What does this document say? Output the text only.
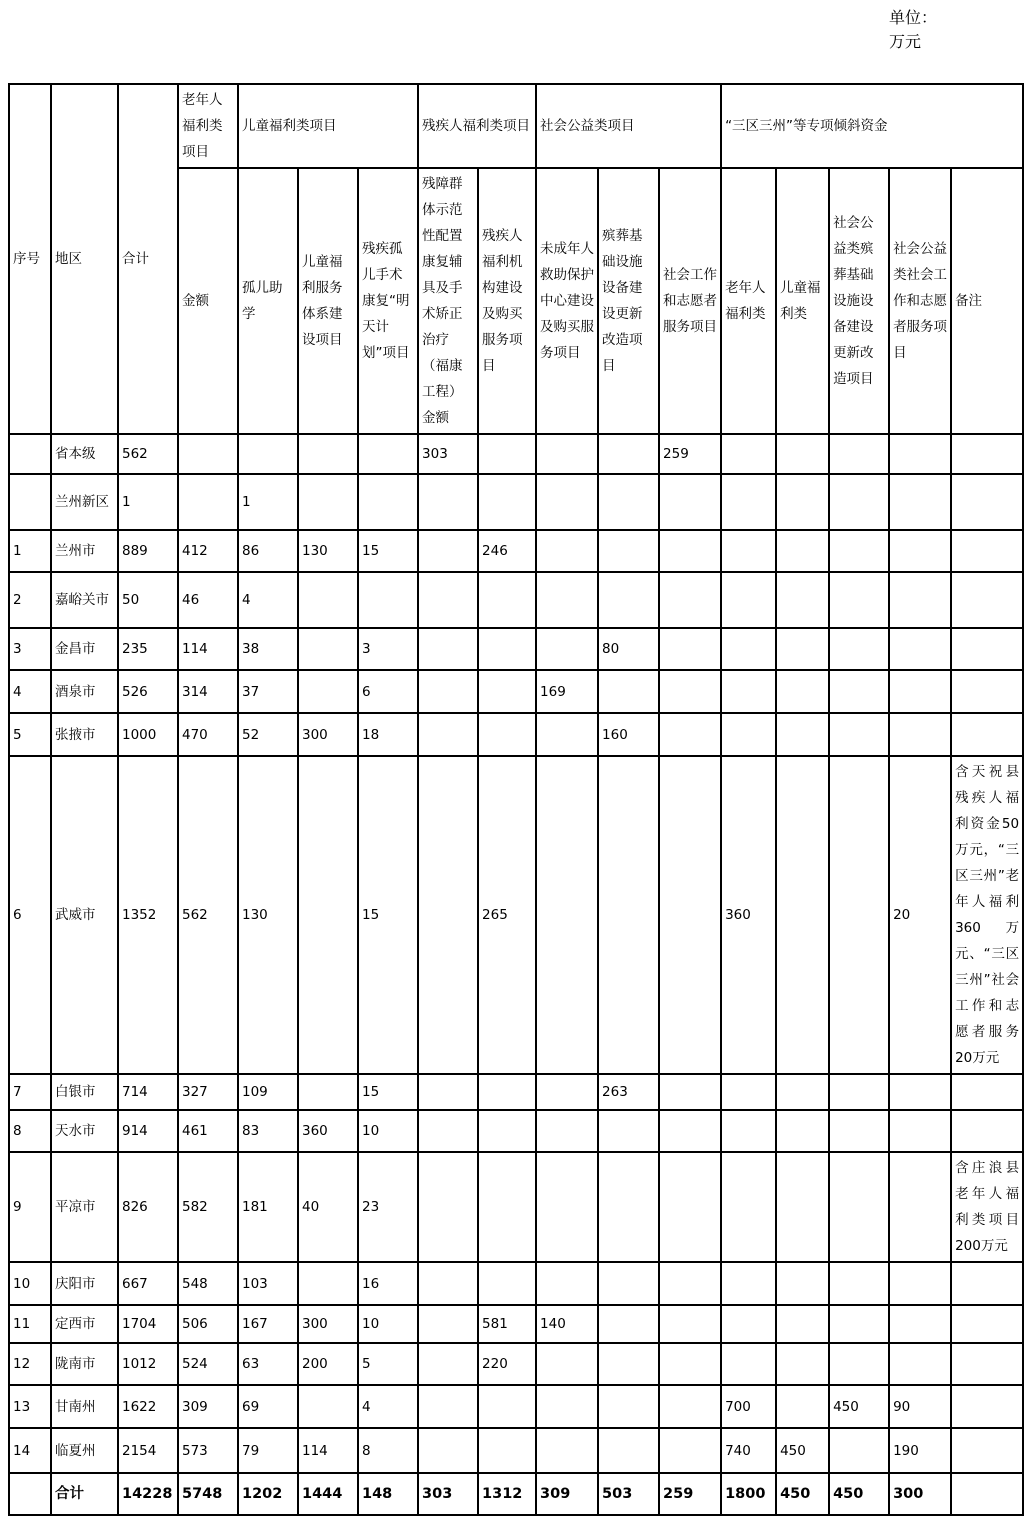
单位：万元
序号	地区	合计	老年人福利类项目	儿童福利类项目			残疾人福利类项目		社会公益类项目			“三区三州”等专项倾斜资金				
			金额	孤儿助学	儿童福利服务体系建设项目	残疾孤儿手术康复“明天计划”项目	残障群体示范性配置康复辅具及手术矫正治疗（福康工程）金额	残疾人福利机构建设及购买服务项目	未成年人救助保护中心建设及购买服务项目	殡葬基础设施设备建设更新改造项目	社会工作和志愿者服务项目	老年人福利类	儿童福利类	社会公益类殡葬基础设施设备建设更新改造项目	社会公益类社会工作和志愿者服务项目	备注
	省本级	562					303				259					
	兰州新区	1		1												
1	兰州市	889	412	86	130	15		246								
2	嘉峪关市	50	46	4												
3	金昌市	235	114	38		3				80						
4	酒泉市	526	314	37		6			169							
5	张掖市	1000	470	52	300	18				160						
6	武威市	1352	562	130		15		265				360			20	含天祝县残疾人福利资金50万元，“三区三州”老年人福利360万元、“三区三州”社会工作和志愿者服务20万元
7	白银市	714	327	109		15				263						
8	天水市	914	461	83	360	10										
9	平凉市	826	582	181	40	23										含庄浪县老年人福利类项目200万元
10	庆阳市	667	548	103		16										
11	定西市	1704	506	167	300	10		581	140							
12	陇南市	1012	524	63	200	5		220								
13	甘南州	1622	309	69		4						700		450	90	
14	临夏州	2154	573	79	114	8						740	450		190	
	合计	14228	5748	1202	1444	148	303	1312	309	503	259	1800	450	450	300	
